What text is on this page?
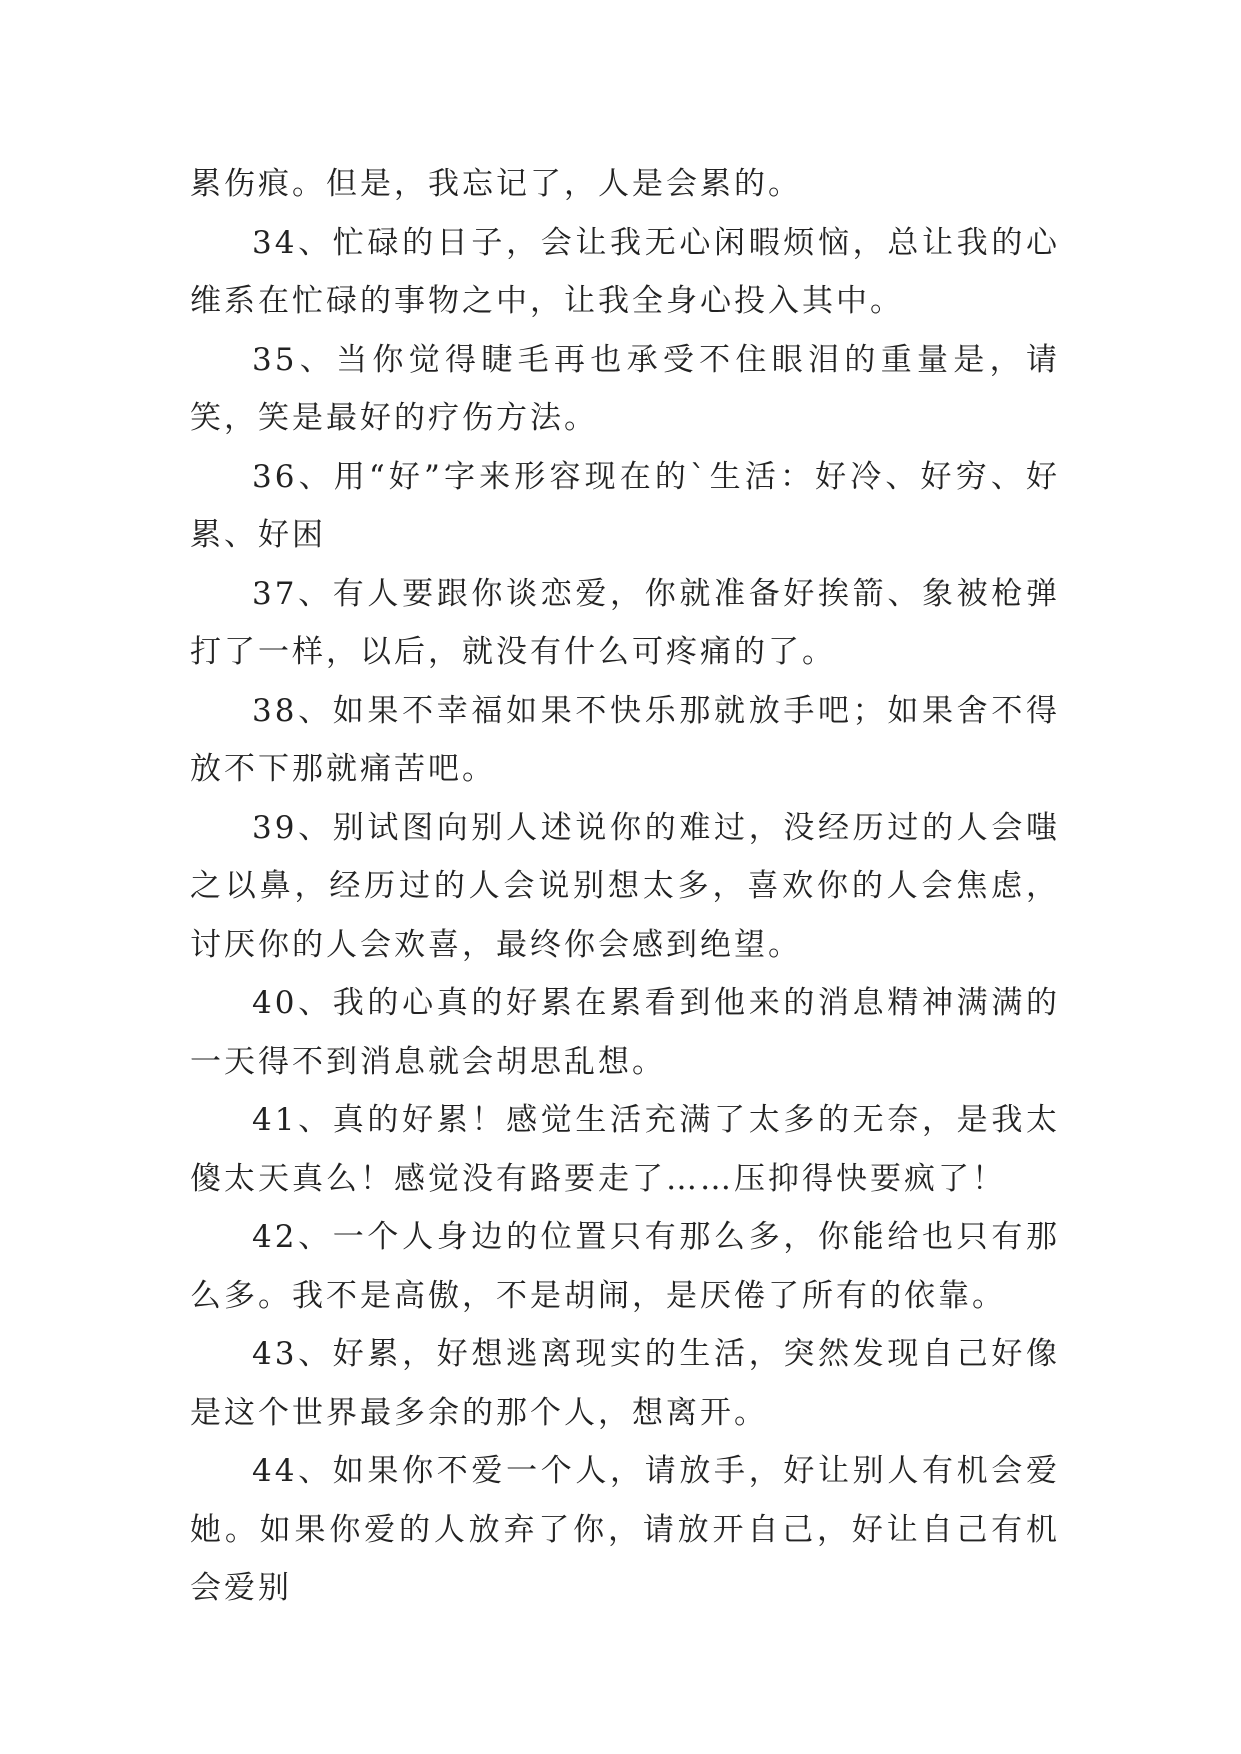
累伤痕。但是，我忘记了，人是会累的。

34、忙碌的日子，会让我无心闲暇烦恼，总让我的心维系在忙碌的事物之中，让我全身心投入其中。

35、当你觉得睫毛再也承受不住眼泪的重量是，请笑，笑是最好的疗伤方法。

36、用“好”字来形容现在的`生活：好冷、好穷、好累、好困

37、有人要跟你谈恋爱，你就准备好挨箭、象被枪弹打了一样，以后，就没有什么可疼痛的了。

38、如果不幸福如果不快乐那就放手吧；如果舍不得放不下那就痛苦吧。

39、别试图向别人述说你的难过，没经历过的人会嗤之以鼻，经历过的人会说别想太多，喜欢你的人会焦虑，讨厌你的人会欢喜，最终你会感到绝望。

40、我的心真的好累在累看到他来的消息精神满满的一天得不到消息就会胡思乱想。

41、真的好累！感觉生活充满了太多的无奈，是我太傻太天真么！感觉没有路要走了……压抑得快要疯了！

42、一个人身边的位置只有那么多，你能给也只有那么多。我不是高傲，不是胡闹，是厌倦了所有的依靠。

43、好累，好想逃离现实的生活，突然发现自己好像是这个世界最多余的那个人，想离开。

44、如果你不爱一个人，请放手，好让别人有机会爱她。如果你爱的人放弃了你，请放开自己，好让自己有机会爱别
